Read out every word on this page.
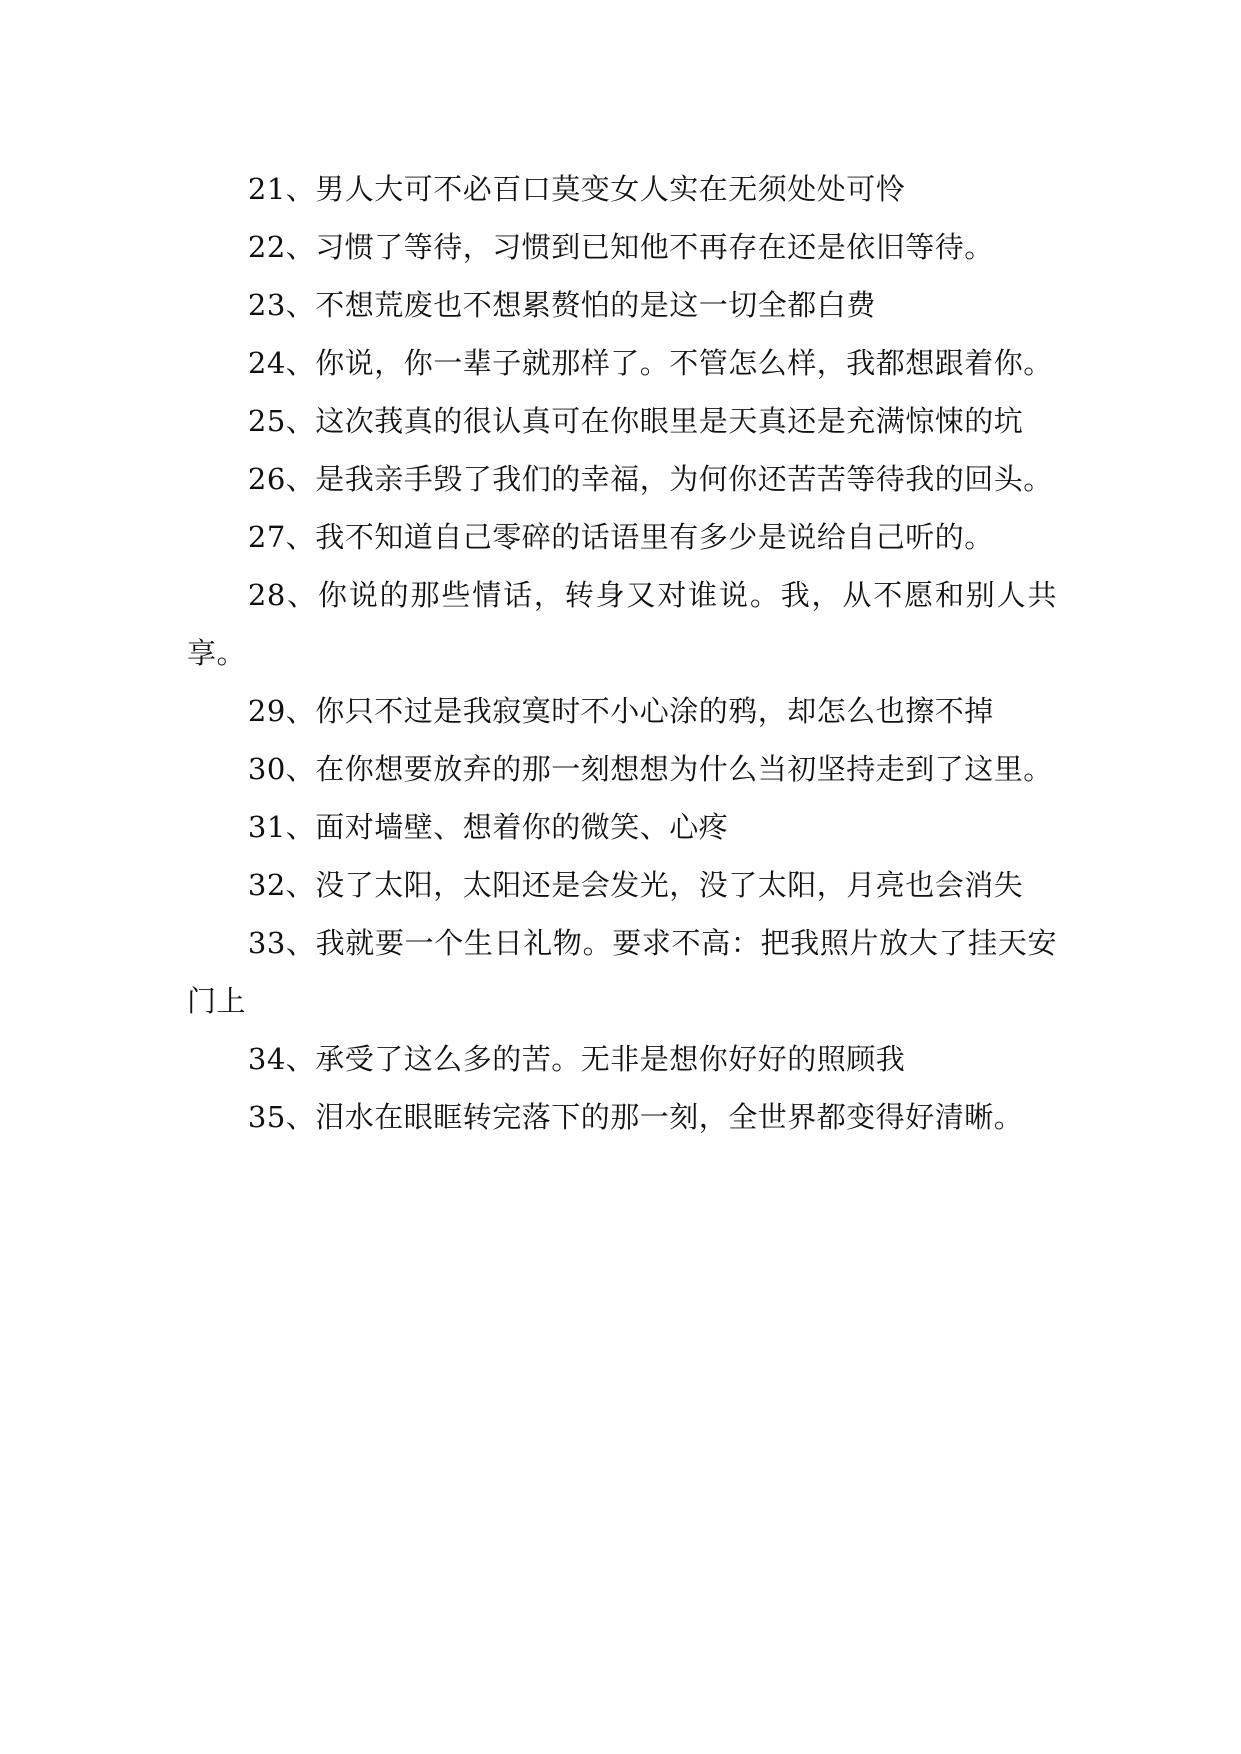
21、男人大可不必百口莫变女人实在无须处处可怜

22、习惯了等待，习惯到已知他不再存在还是依旧等待。

23、不想荒废也不想累赘怕的是这一切全都白费

24、你说，你一辈子就那样了。不管怎么样，我都想跟着你。

25、这次莪真的很认真可在你眼里是天真还是充满惊悚的坑

26、是我亲手毁了我们的幸福，为何你还苦苦等待我的回头。

27、我不知道自己零碎的话语里有多少是说给自己听的。

28、你说的那些情话，转身又对谁说。我，从不愿和别人共享。

29、你只不过是我寂寞时不小心涂的鸦，却怎么也擦不掉

30、在你想要放弃的那一刻想想为什么当初坚持走到了这里。

31、面对墙壁、想着你的微笑、心疼

32、没了太阳，太阳还是会发光，没了太阳，月亮也会消失

33、我就要一个生日礼物。要求不高：把我照片放大了挂天安门上

34、承受了这么多的苦。无非是想你好好的照顾我

35、泪水在眼眶转完落下的那一刻，全世界都变得好清晰。
